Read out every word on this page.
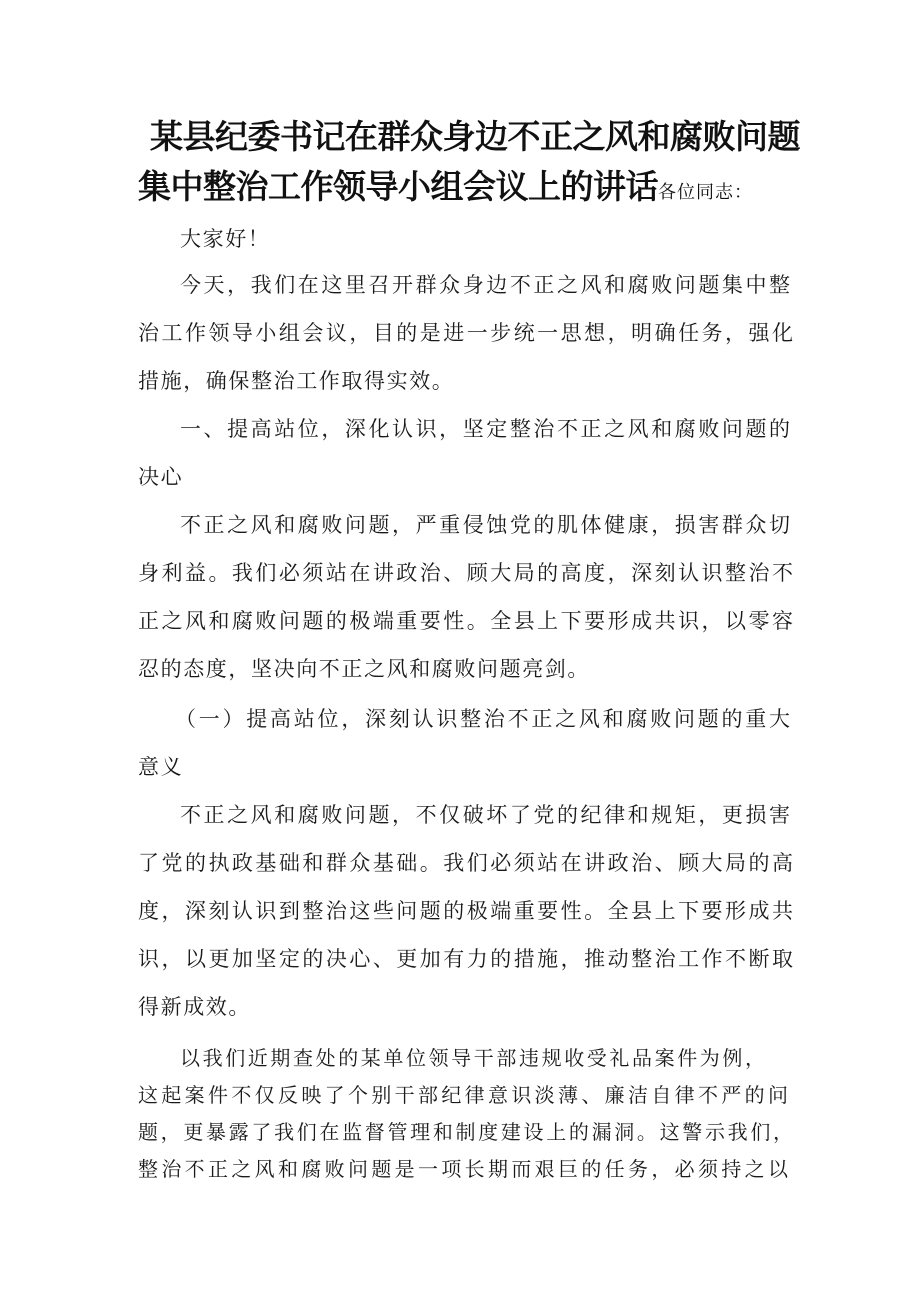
某县纪委书记在群众身边不正之风和腐败问题
集中整治工作领导小组会议上的讲话各位同志：
大家好！
今天，我们在这里召开群众身边不正之风和腐败问题集中整
治工作领导小组会议，目的是进一步统一思想，明确任务，强化
措施，确保整治工作取得实效。
一、提高站位，深化认识，坚定整治不正之风和腐败问题的
决心
不正之风和腐败问题，严重侵蚀党的肌体健康，损害群众切
身利益。我们必须站在讲政治、顾大局的高度，深刻认识整治不
正之风和腐败问题的极端重要性。全县上下要形成共识，以零容
忍的态度，坚决向不正之风和腐败问题亮剑。
（一）提高站位，深刻认识整治不正之风和腐败问题的重大
意义
不正之风和腐败问题，不仅破坏了党的纪律和规矩，更损害
了党的执政基础和群众基础。我们必须站在讲政治、顾大局的高
度，深刻认识到整治这些问题的极端重要性。全县上下要形成共
识，以更加坚定的决心、更加有力的措施，推动整治工作不断取
得新成效。
以我们近期查处的某单位领导干部违规收受礼品案件为例，
这起案件不仅反映了个别干部纪律意识淡薄、廉洁自律不严的问
题，更暴露了我们在监督管理和制度建设上的漏洞。这警示我们，
整治不正之风和腐败问题是一项长期而艰巨的任务，必须持之以
